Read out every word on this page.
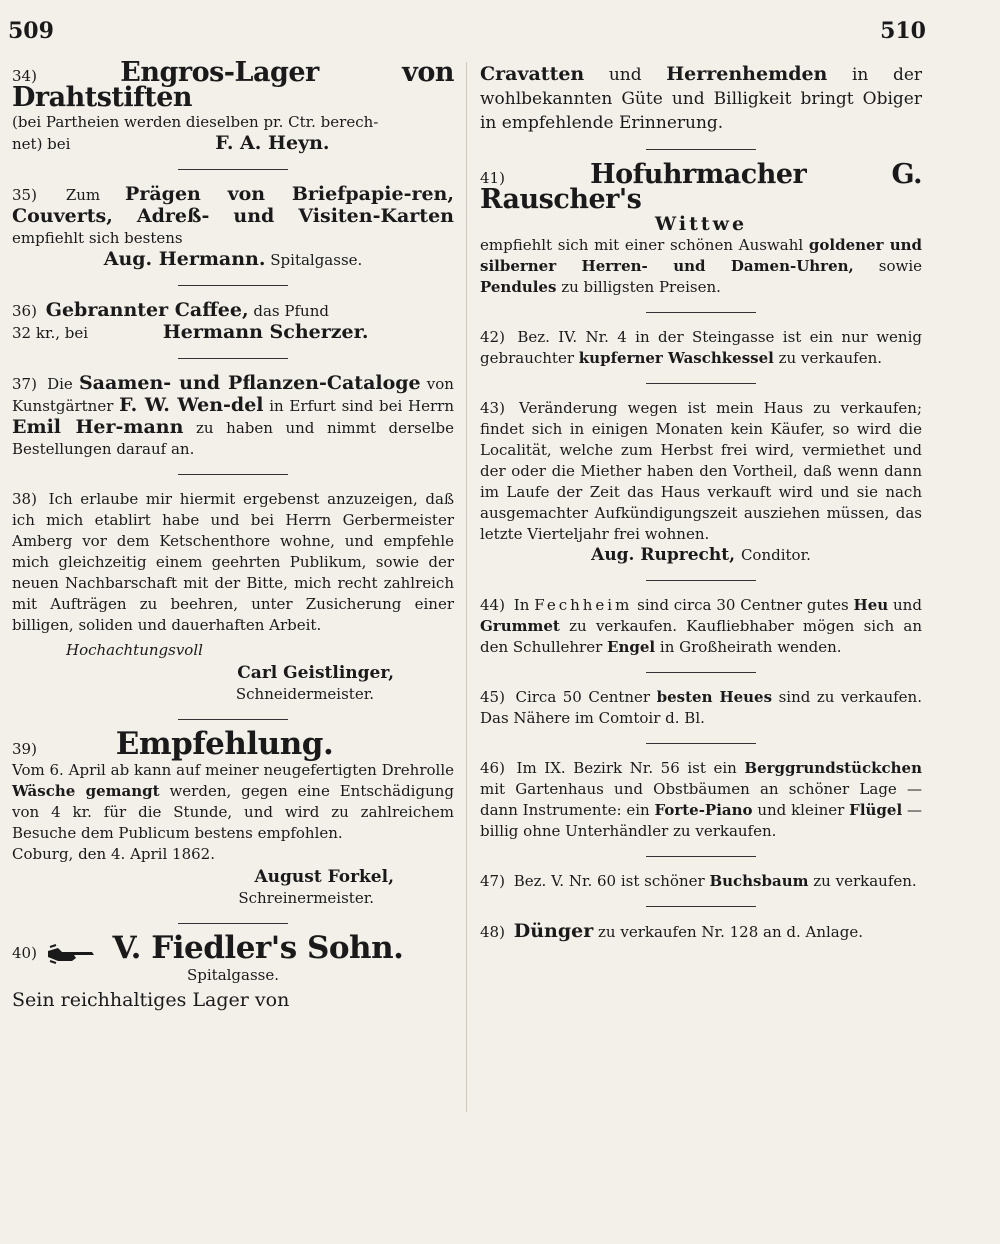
509	510
34)	Engros-Lager von Drahtstiften
(bei Partheien werden dieselben pr. Ctr. berech-
net) bei	F. A. Heyn.
35) Zum Prägen von Briefpapie-ren, Couverts, Adreß- und Visiten-Karten empfiehlt sich bestens
Aug. Hermann. Spitalgasse.
36) Gebrannter Caffee, das Pfund
32 kr., bei	Hermann Scherzer.
37) Die Saamen- und Pflanzen-Cataloge von Kunstgärtner F. W. Wen-del in Erfurt sind bei Herrn Emil Her-mann zu haben und nimmt derselbe Bestellungen darauf an.
38) Ich erlaube mir hiermit ergebenst anzuzeigen, daß ich mich etablirt habe und bei Herrn Gerbermeister Amberg vor dem Ketschenthore wohne, und empfehle mich gleichzeitig einem geehrten Publikum, sowie der neuen Nachbarschaft mit der Bitte, mich recht zahlreich mit Aufträgen zu beehren, unter Zusicherung einer billigen, soliden und dauerhaften Arbeit.
Hochachtungsvoll
Carl Geistlinger,
Schneidermeister.
39)	Empfehlung.
Vom 6. April ab kann auf meiner neugefertigten Drehrolle Wäsche gemangt werden, gegen eine Entschädigung von 4 kr. für die Stunde, und wird zu zahlreichem Besuche dem Publicum bestens empfohlen.
Coburg, den 4. April 1862.
August Forkel,
Schreinermeister.
40) V. Fiedler's Sohn.
Spitalgasse.
Sein reichhaltiges Lager von
Cravatten und Herrenhemden in der wohlbekannten Güte und Billigkeit bringt Obiger in empfehlende Erinnerung.
41)	Hofuhrmacher G. Rauscher's
Wittwe
empfiehlt sich mit einer schönen Auswahl goldener und silberner Herren- und Damen-Uhren, sowie Pendules zu billigsten Preisen.
42) Bez. IV. Nr. 4 in der Steingasse ist ein nur wenig gebrauchter kupferner Waschkessel zu verkaufen.
43) Veränderung wegen ist mein Haus zu verkaufen; findet sich in einigen Monaten kein Käufer, so wird die Localität, welche zum Herbst frei wird, vermiethet und der oder die Miether haben den Vortheil, daß wenn dann im Laufe der Zeit das Haus verkauft wird und sie nach ausgemachter Aufkündigungszeit ausziehen müssen, das letzte Vierteljahr frei wohnen.
Aug. Ruprecht, Conditor.
44) In Fechheim sind circa 30 Centner gutes Heu und Grummet zu verkaufen. Kaufliebhaber mögen sich an den Schullehrer Engel in Großheirath wenden.
45) Circa 50 Centner besten Heues sind zu verkaufen. Das Nähere im Comtoir d. Bl.
46) Im IX. Bezirk Nr. 56 ist ein Berggrundstückchen mit Gartenhaus und Obstbäumen an schöner Lage — dann Instrumente: ein Forte-Piano und kleiner Flügel — billig ohne Unterhändler zu verkaufen.
47) Bez. V. Nr. 60 ist schöner Buchsbaum zu verkaufen.
48) Dünger zu verkaufen Nr. 128 an d. Anlage.
